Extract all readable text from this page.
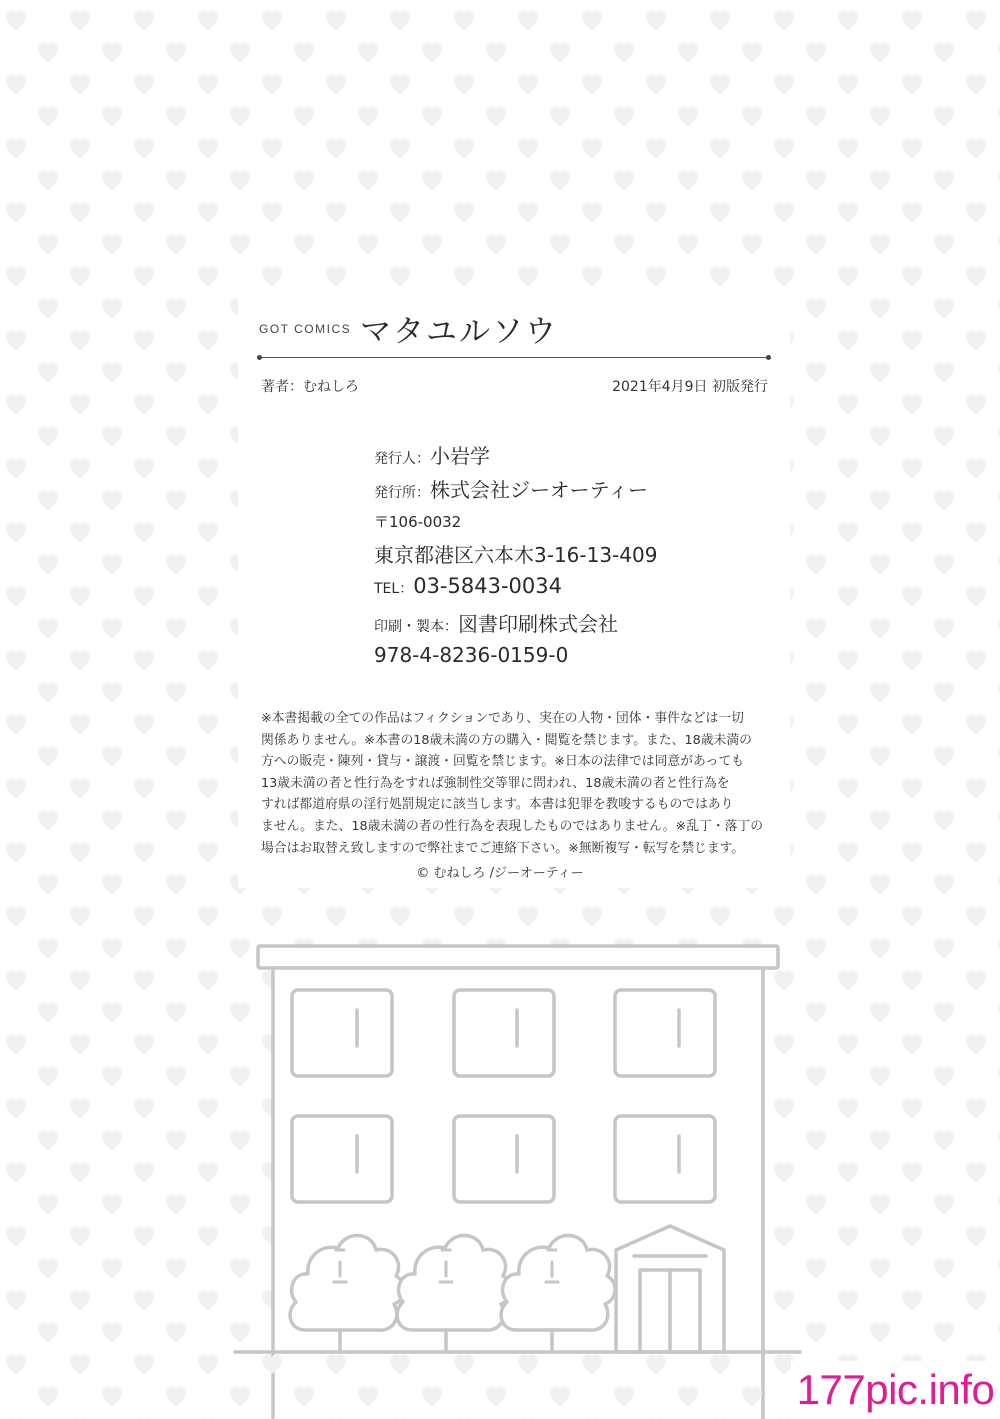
GOT COMICS マタユルソウ
著者：むねしろ	2021年4月9日 初版発行
発行人：小岩学
発行所：株式会社ジーオーティー
〒106-0032
東京都港区六本木3-16-13-409
TEL：03-5843-0034
印刷・製本：図書印刷株式会社
978-4-8236-0159-0
※本書掲載の全ての作品はフィクションであり、実在の人物・団体・事件などは一切
関係ありません。※本書の18歳未満の方の購入・閲覧を禁じます。また、18歳未満の
方への販売・陳列・貸与・譲渡・回覧を禁じます。※日本の法律では同意があっても
13歳未満の者と性行為をすれば強制性交等罪に問われ、18歳未満の者と性行為を
すれば都道府県の淫行処罰規定に該当します。本書は犯罪を教唆するものではあり
ません。また、18歳未満の者の性行為を表現したものではありません。※乱丁・落丁の
場合はお取替え致しますので弊社までご連絡下さい。※無断複写・転写を禁じます。
© むねしろ /ジーオーティー
177pic.info
